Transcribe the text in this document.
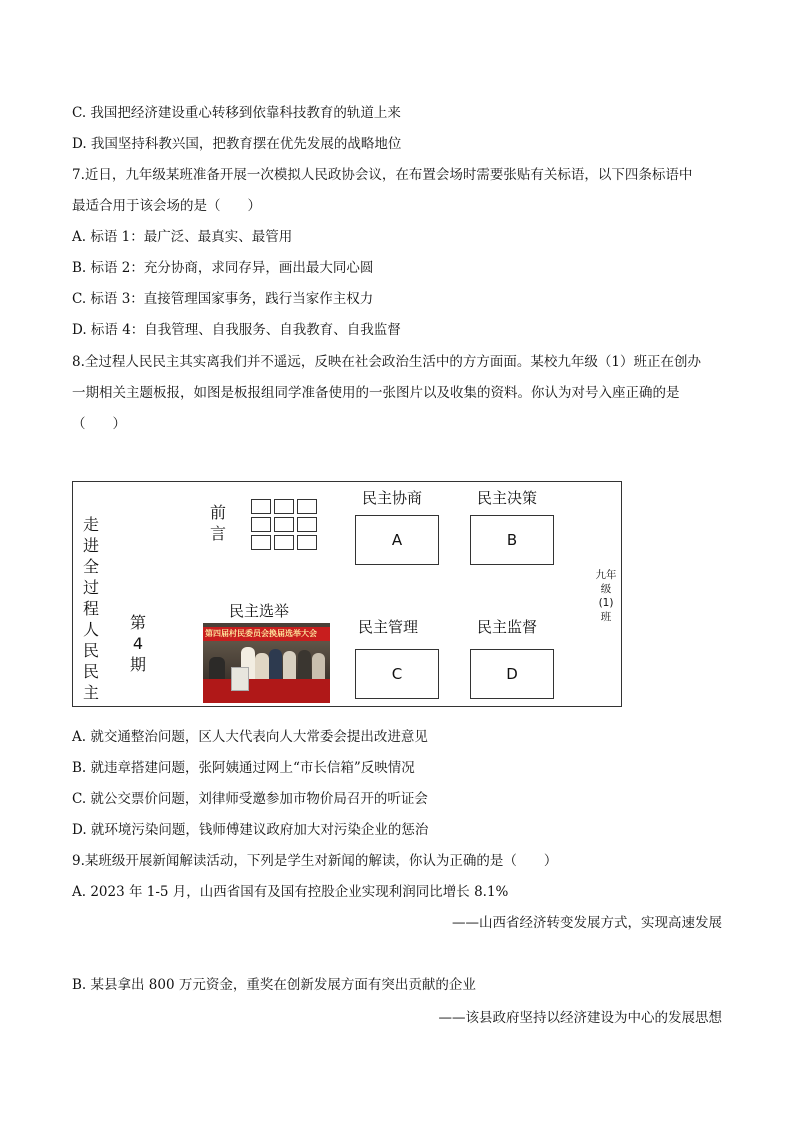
C. 我国把经济建设重心转移到依靠科技教育的轨道上来
D. 我国坚持科教兴国，把教育摆在优先发展的战略地位
7.近日，九年级某班准备开展一次模拟人民政协会议，在布置会场时需要张贴有关标语，以下四条标语中
最适合用于该会场的是（　　）
A. 标语 1：最广泛、最真实、最管用
B. 标语 2：充分协商，求同存异，画出最大同心圆
C. 标语 3：直接管理国家事务，践行当家作主权力
D. 标语 4：自我管理、自我服务、自我教育、自我监督
8.全过程人民民主其实离我们并不遥远，反映在社会政治生活中的方方面面。某校九年级（1）班正在创办
一期相关主题板报，如图是板报组同学准备使用的一张图片以及收集的资料。你认为对号入座正确的是
（　　）
走进全过程人民民主
第4期
前言
民主选举
第四届村民委员会换届选举大会
民主协商
A
民主决策
B
民主管理
C
民主监督
D
九年级(1)班
A. 就交通整治问题，区人大代表向人大常委会提出改进意见
B. 就违章搭建问题，张阿姨通过网上“市长信箱”反映情况
C. 就公交票价问题，刘律师受邀参加市物价局召开的听证会
D. 就环境污染问题，钱师傅建议政府加大对污染企业的惩治
9.某班级开展新闻解读活动，下列是学生对新闻的解读，你认为正确的是（　　）
A. 2023 年 1-5 月，山西省国有及国有控股企业实现利润同比增长 8.1%
——山西省经济转变发展方式，实现高速发展
B. 某县拿出 800 万元资金，重奖在创新发展方面有突出贡献的企业
——该县政府坚持以经济建设为中心的发展思想
